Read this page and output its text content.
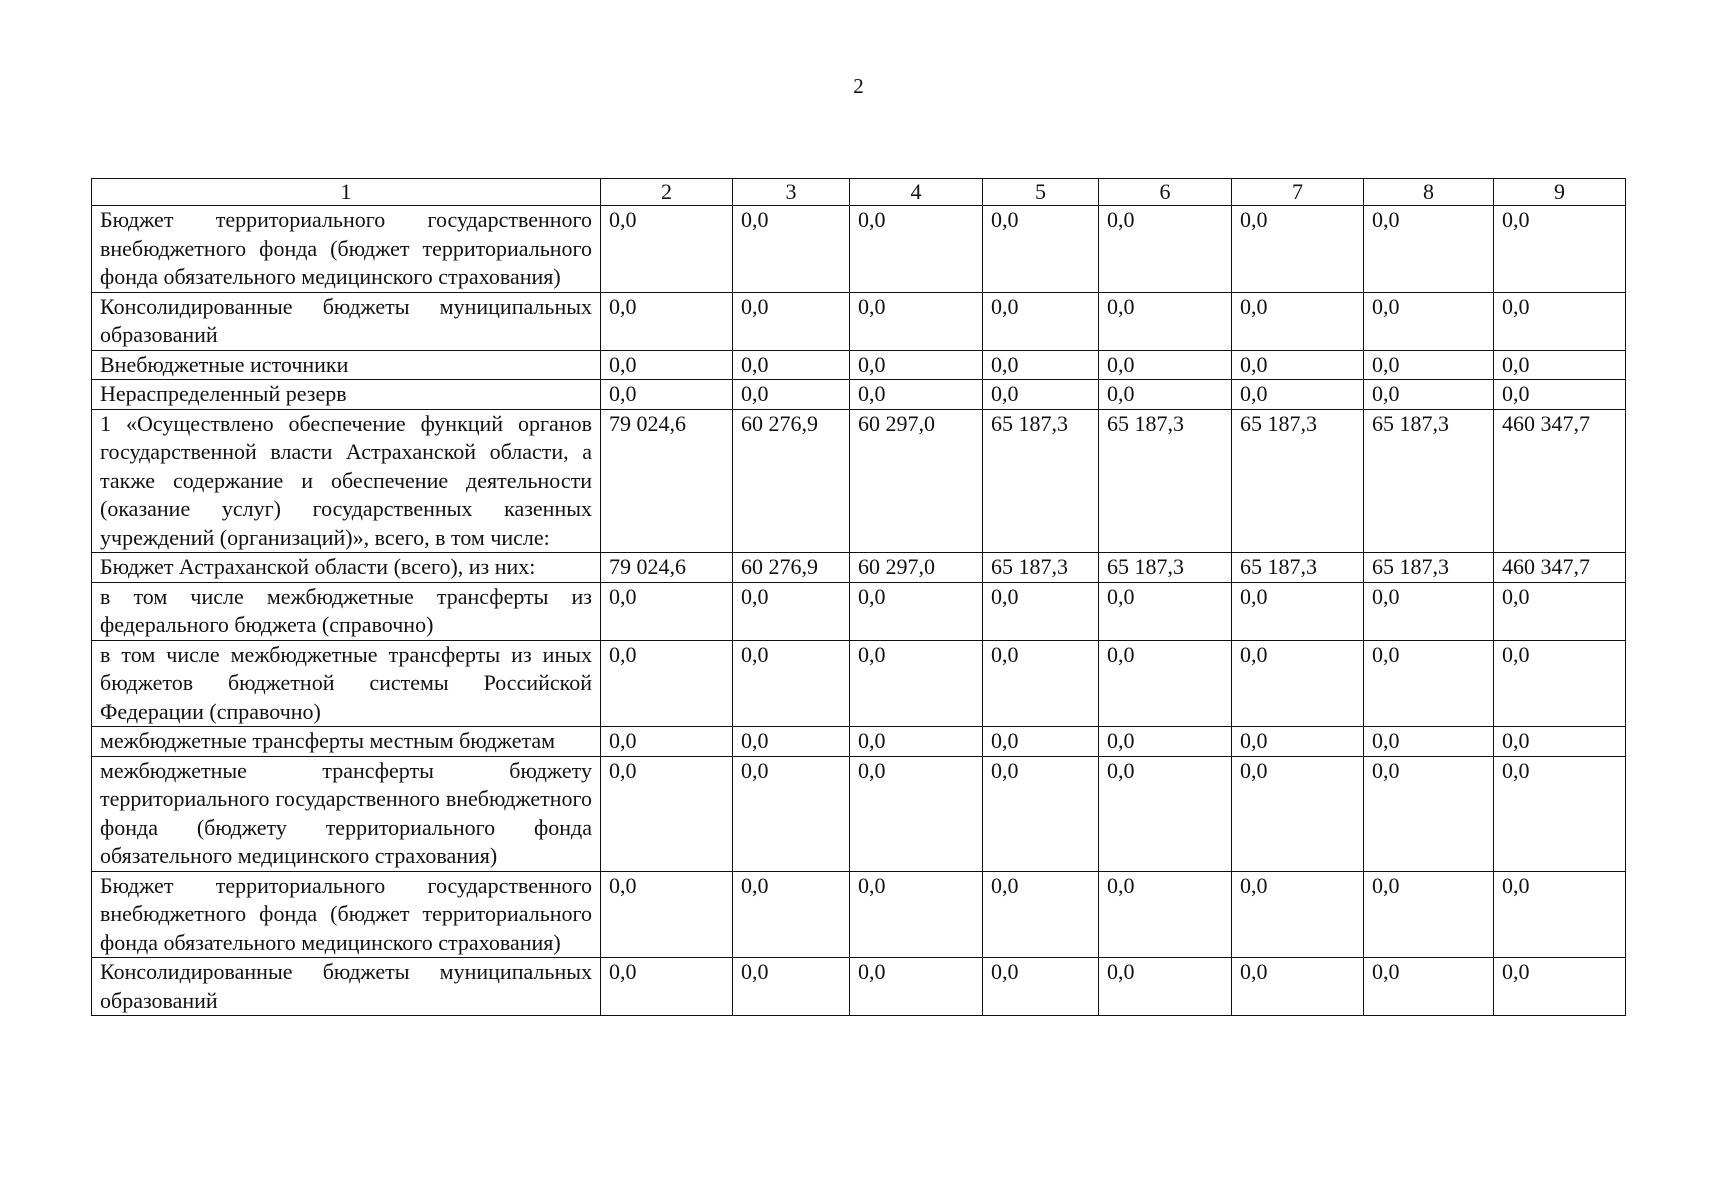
2
1	2	3	4	5	6	7	8	9
Бюджет территориального государственного внебюджетного фонда (бюджет территориального фонда обязательного медицинского страхования)	0,0	0,0	0,0	0,0	0,0	0,0	0,0	0,0
Консолидированные бюджеты муниципальных образований	0,0	0,0	0,0	0,0	0,0	0,0	0,0	0,0
Внебюджетные источники	0,0	0,0	0,0	0,0	0,0	0,0	0,0	0,0
Нераспределенный резерв	0,0	0,0	0,0	0,0	0,0	0,0	0,0	0,0
1 «Осуществлено обеспечение функций органов государственной власти Астраханской области, а также содержание и обеспечение деятельности (оказание услуг) государственных казенных учреждений (организаций)», всего, в том числе:	79 024,6	60 276,9	60 297,0	65 187,3	65 187,3	65 187,3	65 187,3	460 347,7
Бюджет Астраханской области (всего), из них:	79 024,6	60 276,9	60 297,0	65 187,3	65 187,3	65 187,3	65 187,3	460 347,7
в том числе межбюджетные трансферты из федерального бюджета (справочно)	0,0	0,0	0,0	0,0	0,0	0,0	0,0	0,0
в том числе межбюджетные трансферты из иных бюджетов бюджетной системы Российской Федерации (справочно)	0,0	0,0	0,0	0,0	0,0	0,0	0,0	0,0
межбюджетные трансферты местным бюджетам	0,0	0,0	0,0	0,0	0,0	0,0	0,0	0,0
межбюджетные трансферты бюджету территориального государственного внебюджетного фонда (бюджету территориального фонда обязательного медицинского страхования)	0,0	0,0	0,0	0,0	0,0	0,0	0,0	0,0
Бюджет территориального государственного внебюджетного фонда (бюджет территориального фонда обязательного медицинского страхования)	0,0	0,0	0,0	0,0	0,0	0,0	0,0	0,0
Консолидированные бюджеты муниципальных образований	0,0	0,0	0,0	0,0	0,0	0,0	0,0	0,0
